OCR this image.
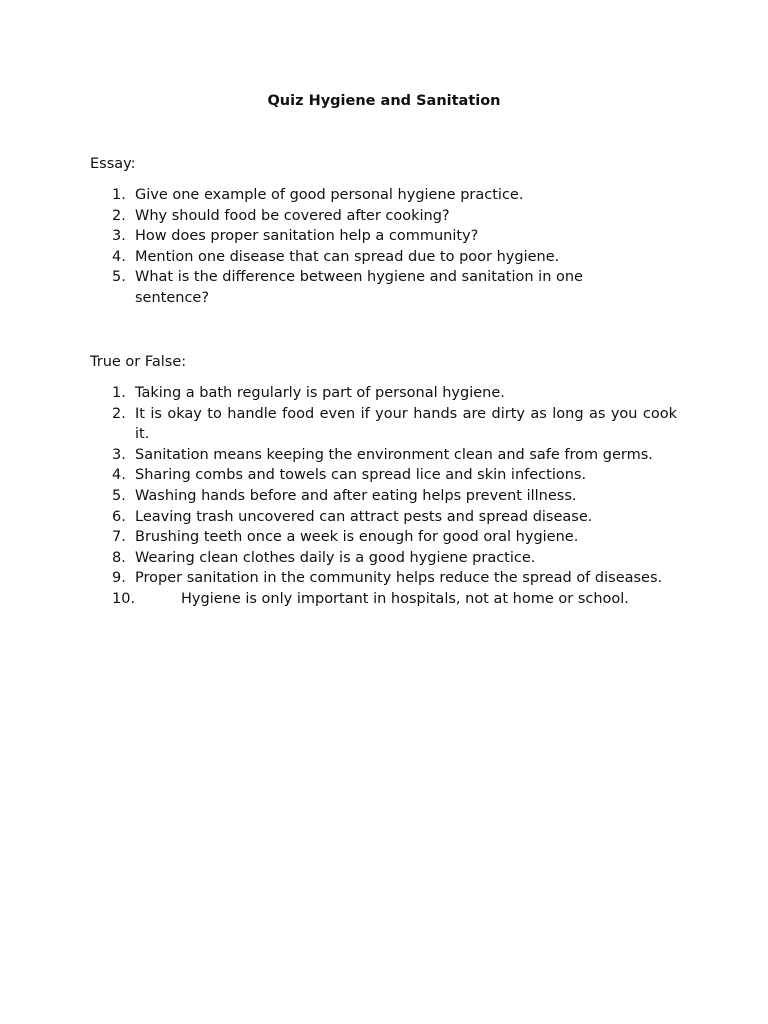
Quiz Hygiene and Sanitation
Essay:
1. Give one example of good personal hygiene practice.
2. Why should food be covered after cooking?
3. How does proper sanitation help a community?
4. Mention one disease that can spread due to poor hygiene.
5. What is the difference between hygiene and sanitation in one sentence?
True or False:
1. Taking a bath regularly is part of personal hygiene.
2. It is okay to handle food even if your hands are dirty as long as you cook it.
3. Sanitation means keeping the environment clean and safe from germs.
4. Sharing combs and towels can spread lice and skin infections.
5. Washing hands before and after eating helps prevent illness.
6. Leaving trash uncovered can attract pests and spread disease.
7. Brushing teeth once a week is enough for good oral hygiene.
8. Wearing clean clothes daily is a good hygiene practice.
9. Proper sanitation in the community helps reduce the spread of diseases.
10.	Hygiene is only important in hospitals, not at home or school.
